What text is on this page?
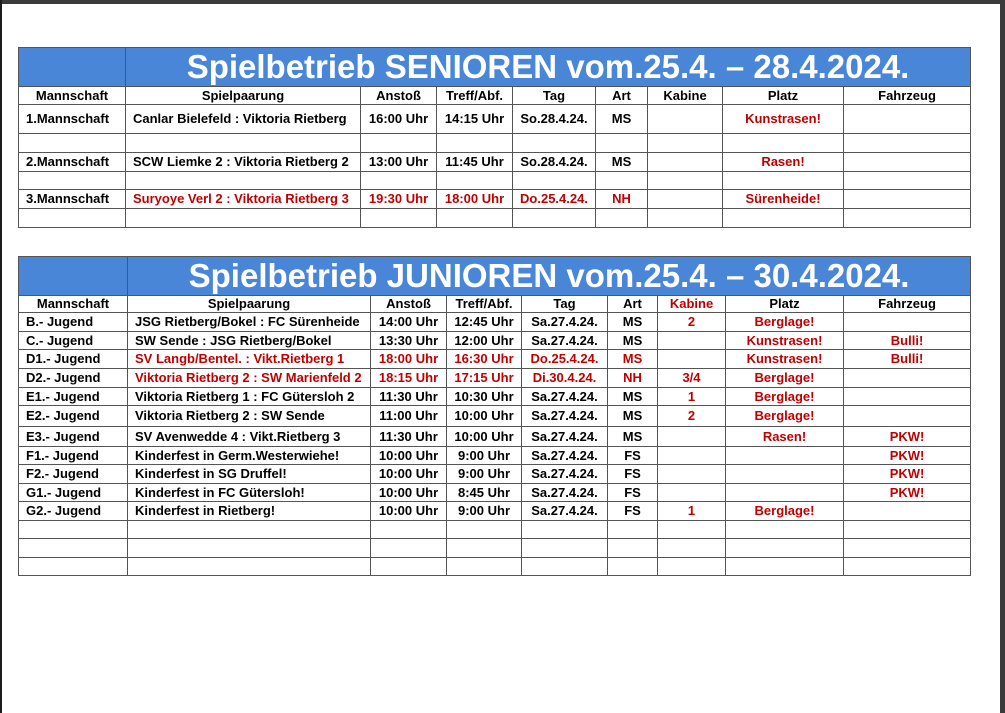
	Spielbetrieb SENIOREN vom.25.4. – 28.4.2024.							
Mannschaft	Spielpaarung	Anstoß	Treff/Abf.	Tag	Art	Kabine	Platz	Fahrzeug
1.Mannschaft	Canlar Bielefeld : Viktoria Rietberg	16:00 Uhr	14:15 Uhr	So.28.4.24.	MS		Kunstrasen!	

2.Mannschaft	SCW Liemke 2 : Viktoria Rietberg 2	13:00 Uhr	11:45 Uhr	So.28.4.24.	MS		Rasen!	

3.Mannschaft	Suryoye Verl 2 : Viktoria Rietberg 3	19:30 Uhr	18:00 Uhr	Do.25.4.24.	NH		Sürenheide!	

	Spielbetrieb JUNIOREN vom.25.4. – 30.4.2024.							
Mannschaft	Spielpaarung	Anstoß	Treff/Abf.	Tag	Art	Kabine	Platz	Fahrzeug
B.- Jugend	JSG Rietberg/Bokel : FC Sürenheide	14:00 Uhr	12:45 Uhr	Sa.27.4.24.	MS	2	Berglage!	
C.- Jugend	SW Sende : JSG Rietberg/Bokel	13:30 Uhr	12:00 Uhr	Sa.27.4.24.	MS		Kunstrasen!	Bulli!
D1.- Jugend	SV Langb/Bentel. : Vikt.Rietberg 1	18:00 Uhr	16:30 Uhr	Do.25.4.24.	MS		Kunstrasen!	Bulli!
D2.- Jugend	Viktoria Rietberg 2 : SW Marienfeld 2	18:15 Uhr	17:15 Uhr	Di.30.4.24.	NH	3/4	Berglage!	
E1.- Jugend	Viktoria Rietberg 1 : FC Gütersloh 2	11:30 Uhr	10:30 Uhr	Sa.27.4.24.	MS	1	Berglage!	
E2.- Jugend	Viktoria Rietberg 2 : SW Sende	11:00 Uhr	10:00 Uhr	Sa.27.4.24.	MS	2	Berglage!	
E3.- Jugend	SV Avenwedde 4 : Vikt.Rietberg 3	11:30 Uhr	10:00 Uhr	Sa.27.4.24.	MS		Rasen!	PKW!
F1.- Jugend	Kinderfest in Germ.Westerwiehe!	10:00 Uhr	9:00 Uhr	Sa.27.4.24.	FS			PKW!
F2.- Jugend	Kinderfest in SG Druffel!	10:00 Uhr	9:00 Uhr	Sa.27.4.24.	FS			PKW!
G1.- Jugend	Kinderfest in FC Gütersloh!	10:00 Uhr	8:45 Uhr	Sa.27.4.24.	FS			PKW!
G2.- Jugend	Kinderfest in Rietberg!	10:00 Uhr	9:00 Uhr	Sa.27.4.24.	FS	1	Berglage!	
